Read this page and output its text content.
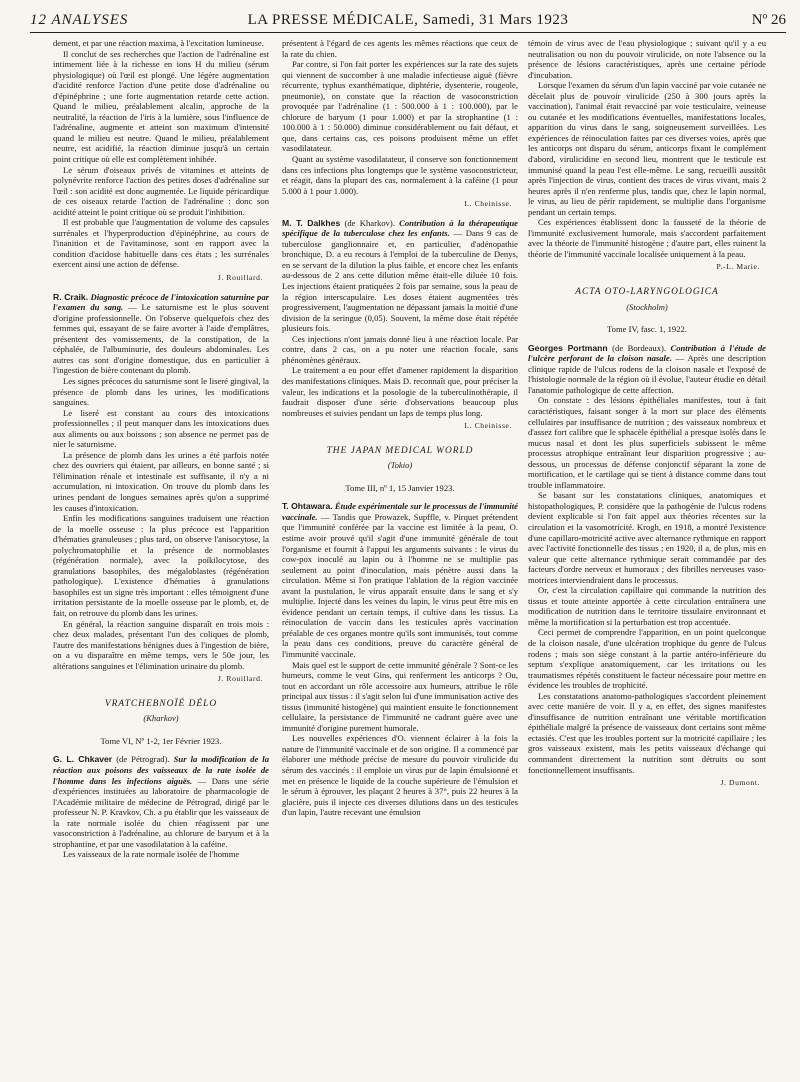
12 ANALYSES	LA PRESSE MÉDICALE, Samedi, 31 Mars 1923	Nº 26

dement, et par une réaction maxima, à l'excitation lumineuse.

Il conclut de ses recherches que l'action de l'adrénaline est intimement liée à la richesse en ions H du milieu (sérum physiologique) où l'œil est plongé. Une légère augmentation d'acidité renforce l'action d'une petite dose d'adrénaline ou d'épinéphrine ; une forte augmentation retarde cette action. Quand le milieu, préalablement alcalin, approche de la neutralité, la réaction de l'iris à la lumière, sous l'influence de l'adrénaline, augmente et atteint son maximum d'intensité quand le milieu est neutre. Quand le milieu, préalablement neutre, est acidifié, la réaction diminue jusqu'à un certain point critique où elle est complètement inhibée.

Le sérum d'oiseaux privés de vitamines et atteints de polynévrite renforce l'action des petites doses d'adrénaline sur l'œil : son acidité est donc augmentée. Le liquide péricardique de ces oiseaux retarde l'action de l'adrénaline : donc son acidité atteint le point critique où se produit l'inhibition.

Il est probable que l'augmentation de volume des capsules surrénales et l'hyperproduction d'épinéphrine, au cours de l'inanition et de l'avitaminose, sont en rapport avec la condition d'acidose habituelle dans ces états ; les surrénales exercent ainsi une action de défense.

J. Rouillard.

R. Craik. Diagnostic précoce de l'intoxication saturnine par l'examen du sang. — Le saturnisme est le plus souvent d'origine professionnelle. On l'observe quelquefois chez des femmes qui, essayant de se faire avorter à l'aide d'emplâtres, présentent des vomissements, de la constipation, de la céphalée, de l'albuminurie, des douleurs abdominales. Les autres cas sont d'origine domestique, dus en particulier à l'ingestion de bière contenant du plomb.

Les signes précoces du saturnisme sont le liseré gingival, la présence de plomb dans les urines, les modifications sanguines.

Le liseré est constant au cours des intoxications professionnelles ; il peut manquer dans les intoxications dues aux aliments ou aux boissons ; son absence ne permet pas de nier le saturnisme.

La présence de plomb dans les urines a été parfois notée chez des ouvriers qui étaient, par ailleurs, en bonne santé ; si l'élimination rénale et intestinale est suffisante, il n'y a ni accumulation, ni intoxication. On trouve du plomb dans les urines pendant de longues semaines après qu'on a supprimé les causes d'intoxication.

Enfin les modifications sanguines traduisent une réaction de la moelle osseuse : la plus précoce est l'apparition d'hématies granuleuses ; plus tard, on observe l'anisocytose, la polychromatophilie et la présence de normoblastes (régénération normale), avec la poïkilocytose, des granulations basophiles, des mégaloblastes (régénération pathologique). L'existence d'hématies à granulations basophiles est un signe très important : elles témoignent d'une irritation persistante de la moelle osseuse par le plomb, et, de fait, on retrouve du plomb dans les urines.

En général, la réaction sanguine disparaît en trois mois : chez deux malades, présentant l'un des coliques de plomb, l'autre des manifestations bénignes dues à l'ingestion de bière, on a vu disparaître en même temps, vers le 50e jour, les altérations sanguines et l'élimination urinaire du plomb.

J. Rouillard.

VRATCHEBNOÏÉ DÉLO
(Kharkov)
Tome VI, Nº 1-2, 1er Février 1923.

G. L. Chkaver (de Pétrograd). Sur la modification de la réaction aux poisons des vaisseaux de la rate isolée de l'homme dans les infections aiguës. — Dans une série d'expériences instituées au laboratoire de pharmacologie de l'Académie militaire de médecine de Pétrograd, dirigé par le professeur N. P. Kravkov, Ch. a pu établir que les vaisseaux de la rate normale isolée du chien réagissent par une vasoconstriction à l'adrénaline, au chlorure de baryum et à la strophantine, et par une vasodilatation à la caféine.

Les vaisseaux de la rate normale isolée de l'homme

présentent à l'égard de ces agents les mêmes réactions que ceux de la rate du chien.

Par contre, si l'on fait porter les expériences sur la rate des sujets qui viennent de succomber à une maladie infectieuse aiguë (fièvre récurrente, typhus exanthématique, diphtérie, dysenterie, rougeole, pneumonie), on constate que la réaction de vasoconstriction provoquée par l'adrénaline (1 : 500.000 à 1 : 100.000), par le chlorure de baryum (1 pour 1.000) et par la strophantine (1 : 100.000 à 1 : 50.000) diminue considérablement ou fait défaut, et que, dans certains cas, ces poisons produisent même un effet vasodilatateur.

Quant au système vasodilatateur, il conserve son fonctionnement dans ces infections plus longtemps que le système vasoconstricteur, et réagit, dans la plupart des cas, normalement à la caféine (1 pour 5.000 à 1 pour 1.000).

L. Cheinisse.

M. T. Dalkhes (de Kharkov). Contribution à la thérapeutique spécifique de la tuberculose chez les enfants. — Dans 9 cas de tuberculose ganglionnaire et, en particulier, d'adénopathie bronchique, D. a eu recours à l'emploi de la tuberculine de Denys, en se servant de la dilution la plus faible, et encore chez les enfants au-dessous de 2 ans cette dilution même était-elle diluée 10 fois. Les injections étaient pratiquées 2 fois par semaine, sous la peau de la région interscapulaire. Les doses étaient augmentées très progressivement, l'augmentation ne dépassant jamais la moitié d'une division de la seringue (0,05). Souvent, la même dose était répétée plusieurs fois.

Ces injections n'ont jamais donné lieu à une réaction locale. Par contre, dans 2 cas, on a pu noter une réaction focale, sans phénomènes généraux.

Le traitement a eu pour effet d'amener rapidement la disparition des manifestations cliniques. Mais D. reconnaît que, pour préciser la valeur, les indications et la posologie de la tuberculinothérapie, il faudrait disposer d'une série d'observations beaucoup plus nombreuses et suivies pendant un laps de temps plus long.

L. Cheinisse.

THE JAPAN MEDICAL WORLD
(Tokio)
Tome III, nº 1, 15 Janvier 1923.

T. Ohtawara. Étude expérimentale sur le processus de l'immunité vaccinale. — Tandis que Prowazek, Supffle, v. Pirquet prétendent que l'immunité conférée par la vaccine est limitée à la peau, O. estime avoir prouvé qu'il s'agit d'une immunité générale de tout l'organisme et fournit à l'appui les arguments suivants : le virus du cow-pox inoculé au lapin ou à l'homme ne se multiplie pas seulement au point d'inoculation, mais pénètre aussi dans la circulation. Même si l'on pratique l'ablation de la région vaccinée avant la pustulation, le virus apparaît ensuite dans le sang et s'y multiplie. Injecté dans les veines du lapin, le virus peut être mis en évidence pendant un certain temps, il cultive dans les tissus. La réinoculation de vaccin dans les testicules après vaccination préalable de ces organes montre qu'ils sont immunisés, tout comme la peau dans ces conditions, preuve du caractère général de l'immunité vaccinale.

Mais quel est le support de cette immunité générale ? Sont-ce les humeurs, comme le veut Gins, qui renferment les anticorps ? Ou, tout en accordant un rôle accessoire aux humeurs, attribue le rôle principal aux tissus : il s'agit selon lui d'une immunisation active des tissus (immunité histogène) qui maintient ensuite le fonctionnement cellulaire, la persistance de l'immunité ne cadrant guère avec une immunité d'origine purement humorale.

Les nouvelles expériences d'O. viennent éclairer à la fois la nature de l'immunité vaccinale et de son origine. Il a commencé par élaborer une méthode précise de mesure du pouvoir virulicide du sérum des vaccinés : il emploie un virus pur de lapin émulsionné et met en présence le liquide de la couche supérieure de l'émulsion et le sérum à éprouver, les plaçant 2 heures à 37°, puis 22 heures à la glacière, puis il injecte ces diverses dilutions dans un des testicules d'un lapin, l'autre recevant une émulsion

témoin de virus avec de l'eau physiologique ; suivant qu'il y a eu neutralisation ou non du pouvoir virulicide, on note l'absence ou la présence de lésions caractéristiques, après une certaine période d'incubation.

Lorsque l'examen du sérum d'un lapin vacciné par voie cutanée ne décelait plus de pouvoir virulicide (250 à 300 jours après la vaccination), l'animal était revacciné par voie testiculaire, veineuse ou cutanée et les modifications éventuelles, manifestations locales, apparition du virus dans le sang, soigneusement surveillées. Les expériences de réinoculation faites par ces diverses voies, après que les anticorps ont disparu du sérum, anticorps fixant le complément d'abord, virulicidine en second lieu, montrent que le testicule est immunisé quand la peau l'est elle-même. Le sang, recueilli aussitôt après l'injection de virus, contient des traces de virus vivant, mais 2 heures après il n'en renferme plus, tandis que, chez le lapin normal, le virus, au lieu de périr rapidement, se multiplie dans l'organisme pendant un certain temps.

Ces expériences établissent donc la fausseté de la théorie de l'immunité exclusivement humorale, mais s'accordent parfaitement avec la théorie de l'immunité histogène ; d'autre part, elles ruinent la théorie de l'immunité vaccinale localisée uniquement à la peau.

P.-L. Marie.

ACTA OTO-LARYNGOLOGICA
(Stockholm)
Tome IV, fasc. 1, 1922.

Georges Portmann (de Bordeaux). Contribution à l'étude de l'ulcère perforant de la cloison nasale. — Après une description clinique rapide de l'ulcus rodens de la cloison nasale et l'exposé de l'histologie normale de la région où il évolue, l'auteur étudie en détail l'anatomie pathologique de cette affection.

On constate : des lésions épithéliales manifestes, tout à fait caractéristiques, faisant songer à la mort sur place des éléments cellulaires par insuffisance de nutrition ; des vaisseaux nombreux et d'assez fort calibre que le sphacèle épithélial a presque isolés dans le mucus nasal et dont les plus superficiels subissent le même processus atrophique entraînant leur disparition progressive ; au-dessous, un processus de défense conjonctif séparant la zone de mortification, et le cartilage qui se tient à distance comme dans tout trouble inflammatoire.

Se basant sur les constatations cliniques, anatomiques et histopathologiques, P. considère que la pathogénie de l'ulcus rodens devient explicable si l'on fait appel aux théories récentes sur la circulation et la vasomotricité. Krogh, en 1918, a montré l'existence d'une capillaro-motricité active avec alternance rythmique en rapport avec l'activité fonctionnelle des tissus ; en 1920, il a, de plus, mis en valeur que cette alternance rythmique serait commandée par des facteurs d'ordre nerveux et humoraux ; des fibrilles nerveuses vaso-motrices interviendraient dans le processus.

Or, c'est la circulation capillaire qui commande la nutrition des tissus et toute atteinte apportée à cette circulation entraînera une modification de nutrition dans le territoire tissulaire environnant et même la mortification si la perturbation est trop accentuée.

Ceci permet de comprendre l'apparition, en un point quelconque de la cloison nasale, d'une ulcération trophique du genre de l'ulcus rodens ; mais son siège constant à la partie antéro-inférieure du septum s'explique anatomiquement, car les irritations ou les traumatismes répétés constituent le facteur nécessaire pour mettre en évidence les troubles de trophicité.

Les constatations anatomo-pathologiques s'accordent pleinement avec cette manière de voir. Il y a, en effet, des signes manifestes d'insuffisance de nutrition entraînant une véritable mortification épithéliale malgré la présence de vaisseaux dont certains sont même ectasiés. C'est que les troubles portent sur la motricité capillaire ; les gros vaisseaux existent, mais les petits vaisseaux d'échange qui commandent directement la nutrition sont détruits ou sont fonctionnellement insuffisants.

J. Dumont.
